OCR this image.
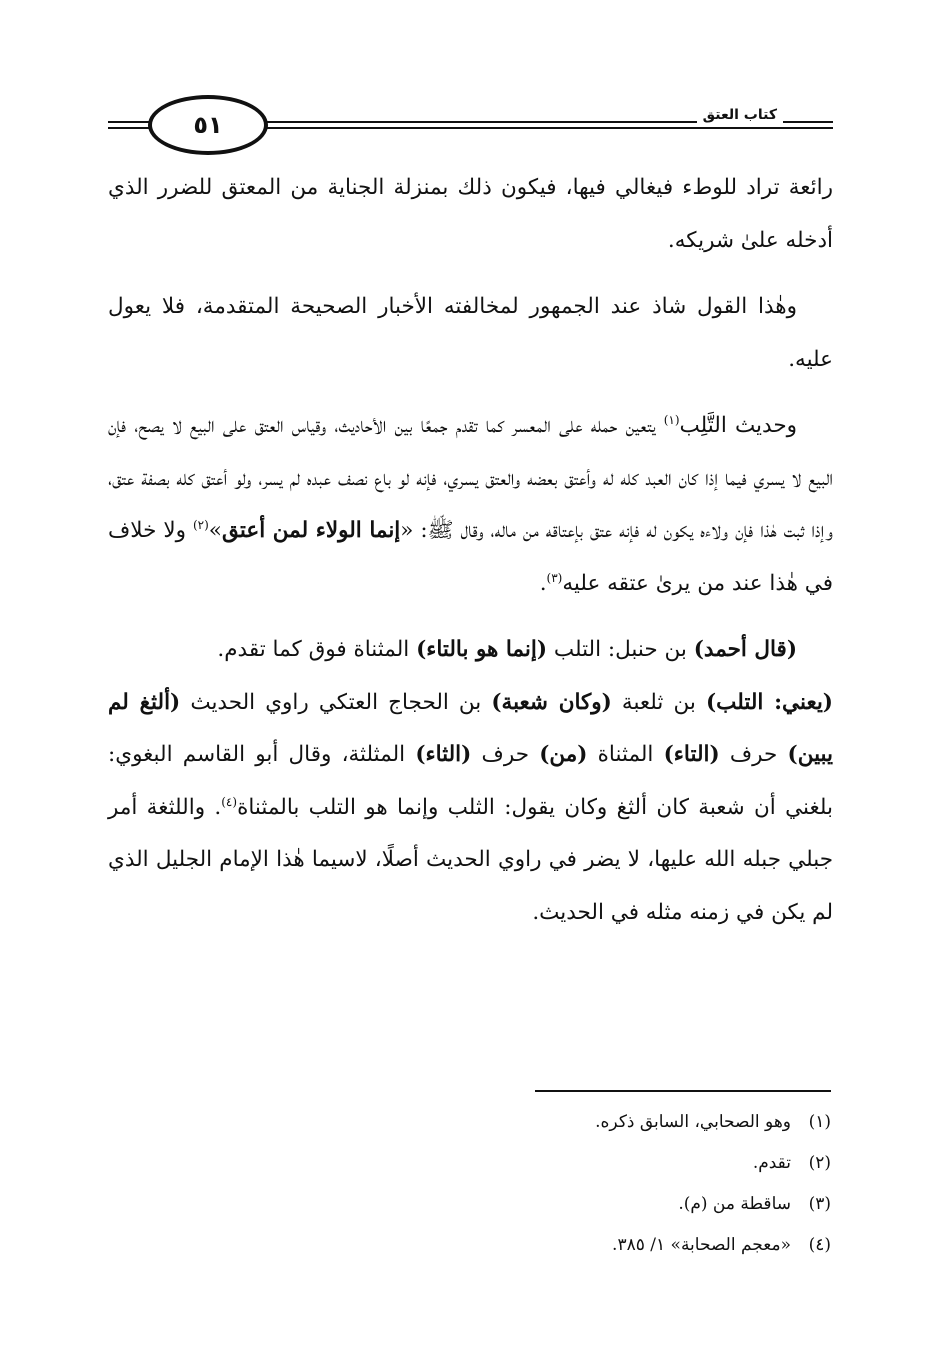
٥١	كتاب العتق

رائعة تراد للوطء فيغالي فيها، فيكون ذلك بمنزلة الجناية من المعتق للضرر الذي أدخله علىٰ شريكه.

وهٰذا القول شاذ عند الجمهور لمخالفته الأخبار الصحيحة المتقدمة، فلا يعول عليه.

وحديث التَّلِب$^{(١)}$ يتعين حمله على المعسر كما تقدم جمعًا بين الأحاديث، وقياس العتق على البيع لا يصح، فإن البيع لا يسري فيما إذا كان العبد كله له وأعتق بعضه والعتق يسري، فإنه لو باع نصف عبده لم يسر، ولو أعتق كله بصفة عتق، وإذا ثبت هٰذا فإن ولاءه يكون له فإنه عتق بإعتاقه من ماله، وقال ﷺ: «إنما الولاء لمن أعتق»$^{(٢)}$ ولا خلاف في هٰذا عند من يرىٰ عتقه عليه$^{(٣)}$.

(قال أحمد) بن حنبل: التلب (إنما هو بالتاء) المثناة فوق كما تقدم.
(يعني: التلب) بن ثلعبة (وكان شعبة) بن الحجاج العتكي راوي الحديث (ألثغ لم يبين) حرف (التاء) المثناة (من) حرف (الثاء) المثلثة، وقال أبو القاسم البغوي: بلغني أن شعبة كان ألثغ وكان يقول: الثلب وإنما هو التلب بالمثناة$^{(٤)}$. واللثغة أمر جبلي جبله الله عليها، لا يضر في راوي الحديث أصلًا، لاسيما هٰذا الإمام الجليل الذي لم يكن في زمنه مثله في الحديث.

(١)وهو الصحابي، السابق ذكره.
(٢)تقدم.
(٣)ساقطة من (م).
(٤)«معجم الصحابة» ١/ ٣٨٥.
